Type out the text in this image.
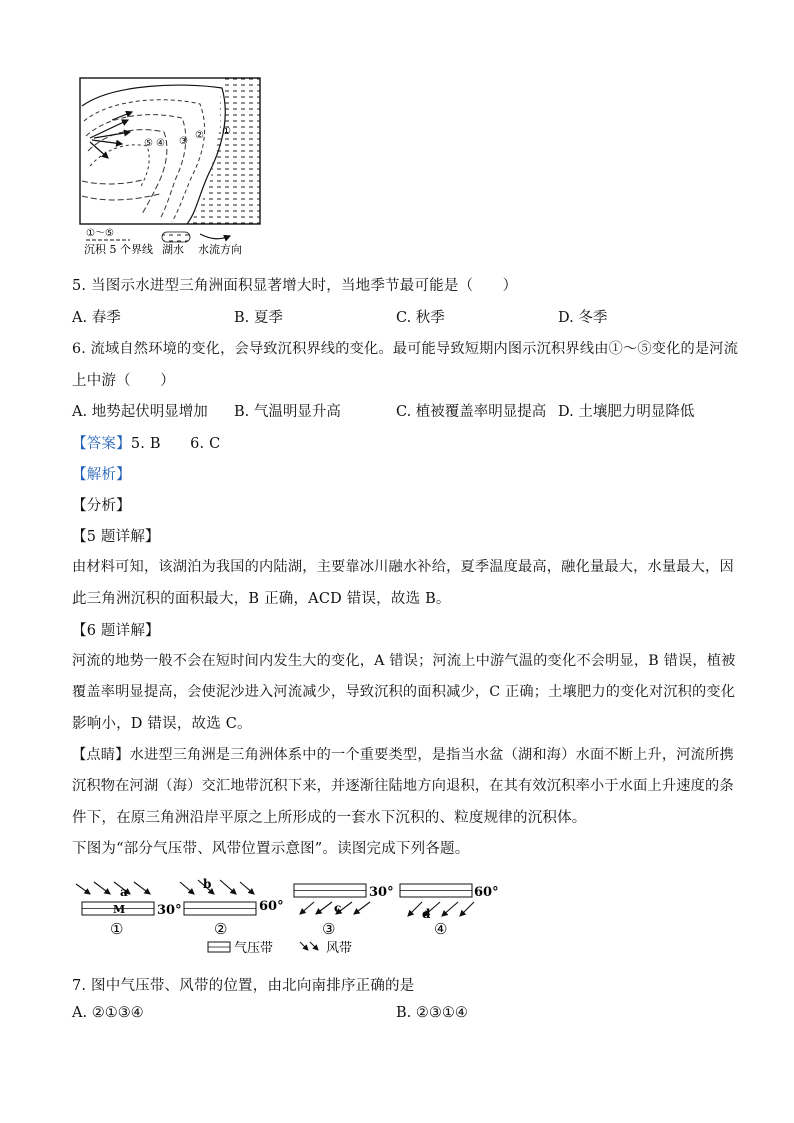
①
②
③
④
⑤
①～⑤
沉积 5 个界线 湖水 水流方向
5. 当图示水进型三角洲面积显著增大时，当地季节最可能是（　　）
A. 春季	B. 夏季	C. 秋季	D. 冬季
6. 流域自然环境的变化，会导致沉积界线的变化。最可能导致短期内图示沉积界线由①～⑤变化的是河流
上中游（　　）
A. 地势起伏明显增加 B. 气温明显升高	C. 植被覆盖率明显提高 D. 土壤肥力明显降低
【答案】5. B　　6. C
【解析】
【分析】
【5 题详解】
由材料可知，该湖泊为我国的内陆湖，主要靠冰川融水补给，夏季温度最高，融化量最大，水量最大，因
此三角洲沉积的面积最大，B 正确，ACD 错误，故选 B。
【6 题详解】
河流的地势一般不会在短时间内发生大的变化，A 错误；河流上中游气温的变化不会明显，B 错误，植被
覆盖率明显提高，会使泥沙进入河流减少，导致沉积的面积减少，C 正确；土壤肥力的变化对沉积的变化
影响小，D 错误，故选 C。
【点睛】水进型三角洲是三角洲体系中的一个重要类型，是指当水盆（湖和海）水面不断上升，河流所携
沉积物在河湖（海）交汇地带沉积下来，并逐渐往陆地方向退积，在其有效沉积率小于水面上升速度的条
件下，在原三角洲沿岸平原之上所形成的一套水下沉积的、粒度规律的沉积体。
下图为“部分气压带、风带位置示意图”。读图完成下列各题。
a
M 30°
①
b
60°
②
30°
c
③
60°
d
④
气压带	风带
7. 图中气压带、风带的位置，由北向南排序正确的是
A. ②①③④	B. ②③①④
